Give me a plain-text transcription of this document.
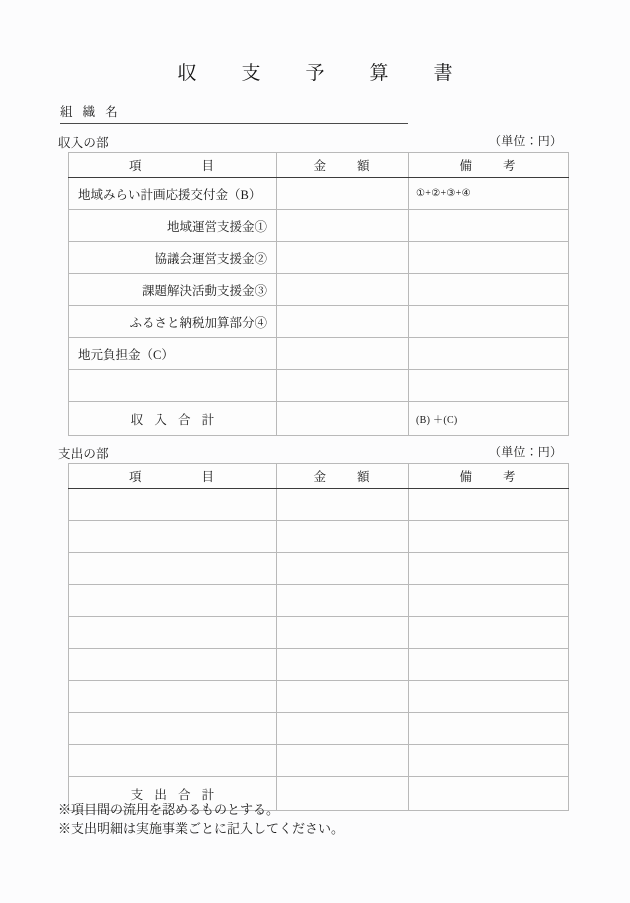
収　支　予　算　書
組 織 名
収入の部	（単位：円）
項　　　　目	金　　額	備　　考
地域みらい計画応援交付金（B）		①+②+③+④
地域運営支援金①		
協議会運営支援金②		
課題解決活動支援金③		
ふるさと納税加算部分④		
地元負担金（C）		

収 入 合 計		(B) ＋(C)
支出の部	（単位：円）
項　　　　目	金　　額	備　　考

支 出 合 計		
※項目間の流用を認めるものとする。
※支出明細は実施事業ごとに記入してください。
